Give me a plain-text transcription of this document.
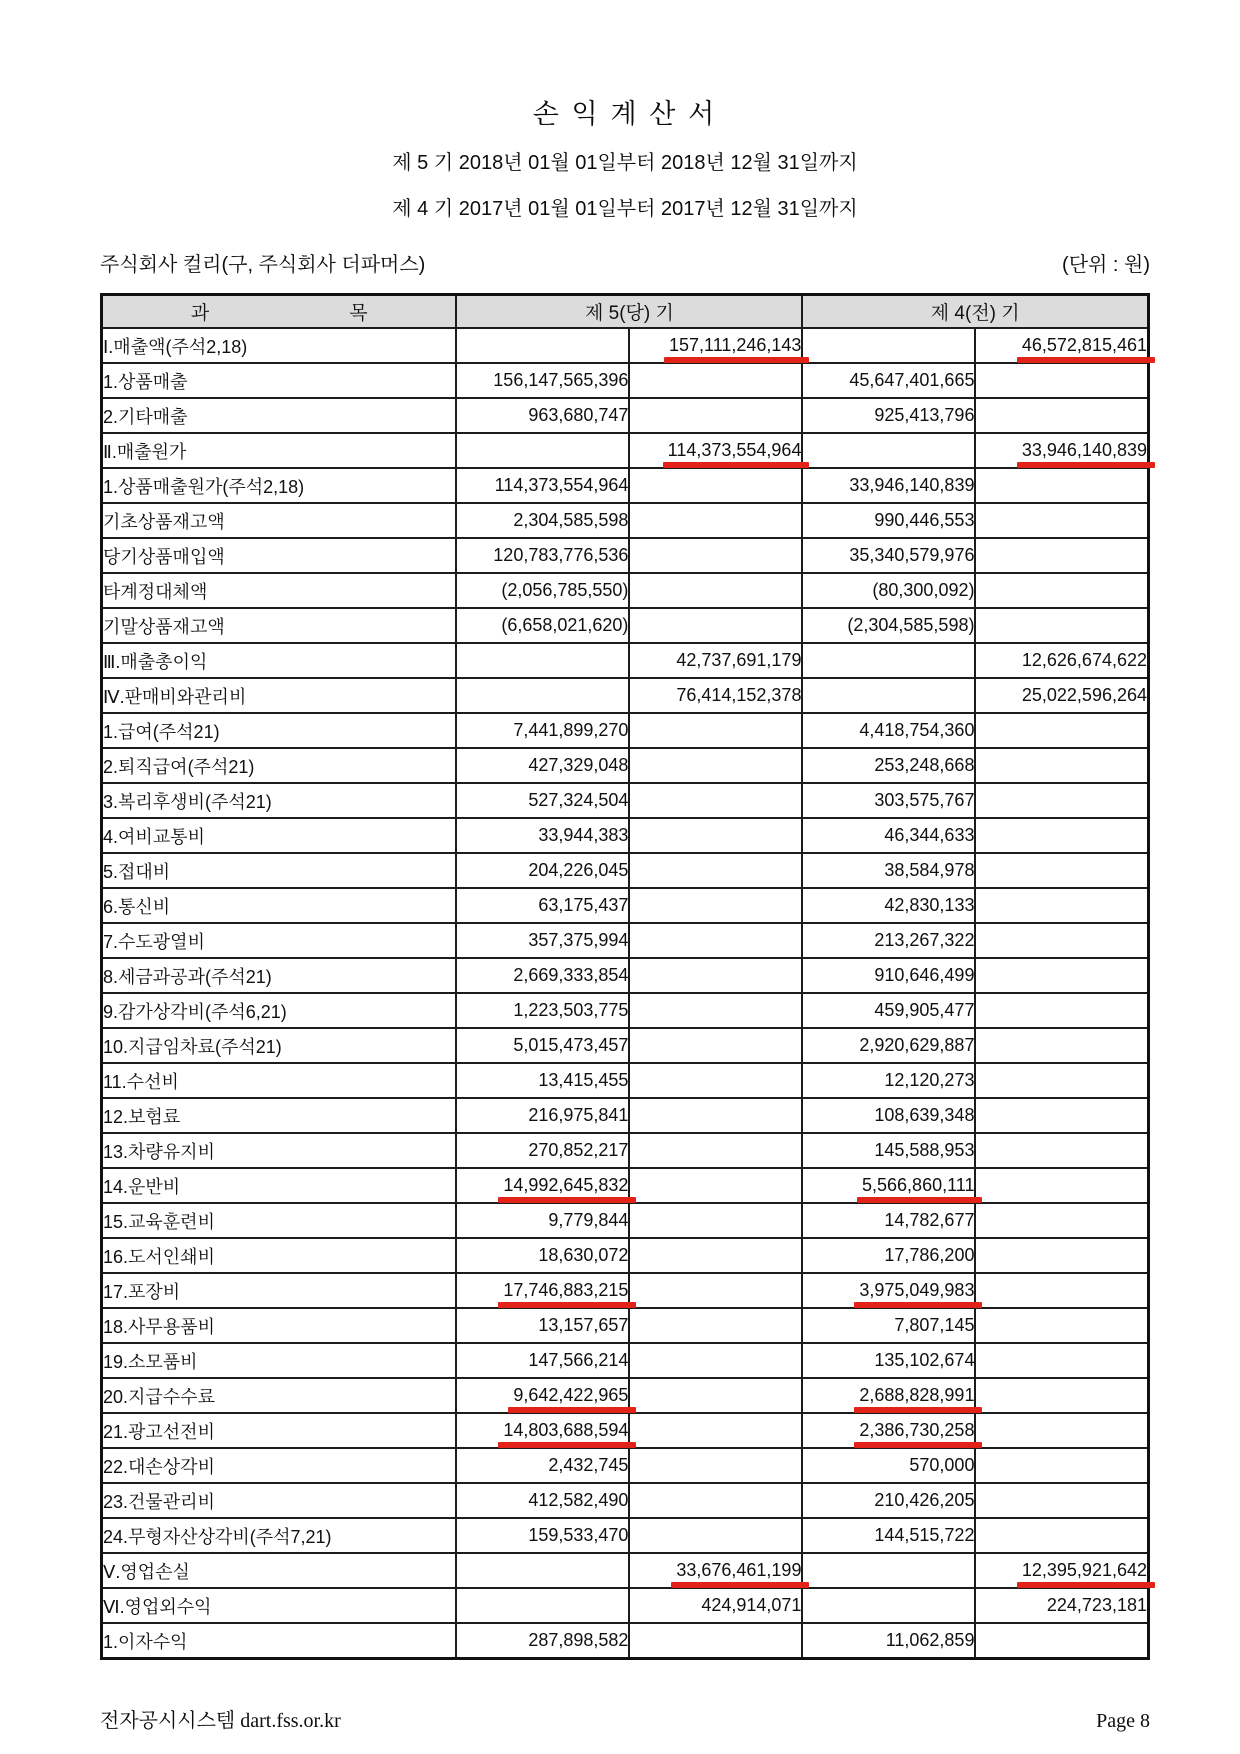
손 익 계 산 서
제 5 기 2018년 01월 01일부터 2018년 12월 31일까지
제 4 기 2017년 01월 01일부터 2017년 12월 31일까지
주식회사 컬리(구, 주식회사 더파머스)	(단위 : 원)
과 목	제 5(당) 기		제 4(전) 기	
Ⅰ.매출액(주석2,18)		157,111,246,143		46,572,815,461
1.상품매출	156,147,565,396		45,647,401,665	
2.기타매출	963,680,747		925,413,796	
Ⅱ.매출원가		114,373,554,964		33,946,140,839
1.상품매출원가(주석2,18)	114,373,554,964		33,946,140,839	
기초상품재고액	2,304,585,598		990,446,553	
당기상품매입액	120,783,776,536		35,340,579,976	
타계정대체액	(2,056,785,550)		(80,300,092)	
기말상품재고액	(6,658,021,620)		(2,304,585,598)	
Ⅲ.매출총이익		42,737,691,179		12,626,674,622
Ⅳ.판매비와관리비		76,414,152,378		25,022,596,264
1.급여(주석21)	7,441,899,270		4,418,754,360	
2.퇴직급여(주석21)	427,329,048		253,248,668	
3.복리후생비(주석21)	527,324,504		303,575,767	
4.여비교통비	33,944,383		46,344,633	
5.접대비	204,226,045		38,584,978	
6.통신비	63,175,437		42,830,133	
7.수도광열비	357,375,994		213,267,322	
8.세금과공과(주석21)	2,669,333,854		910,646,499	
9.감가상각비(주석6,21)	1,223,503,775		459,905,477	
10.지급임차료(주석21)	5,015,473,457		2,920,629,887	
11.수선비	13,415,455		12,120,273	
12.보험료	216,975,841		108,639,348	
13.차량유지비	270,852,217		145,588,953	
14.운반비	14,992,645,832		5,566,860,111	
15.교육훈련비	9,779,844		14,782,677	
16.도서인쇄비	18,630,072		17,786,200	
17.포장비	17,746,883,215		3,975,049,983	
18.사무용품비	13,157,657		7,807,145	
19.소모품비	147,566,214		135,102,674	
20.지급수수료	9,642,422,965		2,688,828,991	
21.광고선전비	14,803,688,594		2,386,730,258	
22.대손상각비	2,432,745		570,000	
23.건물관리비	412,582,490		210,426,205	
24.무형자산상각비(주석7,21)	159,533,470		144,515,722	
Ⅴ.영업손실		33,676,461,199		12,395,921,642
Ⅵ.영업외수익		424,914,071		224,723,181
1.이자수익	287,898,582		11,062,859	
전자공시시스템 dart.fss.or.kr	Page 8
